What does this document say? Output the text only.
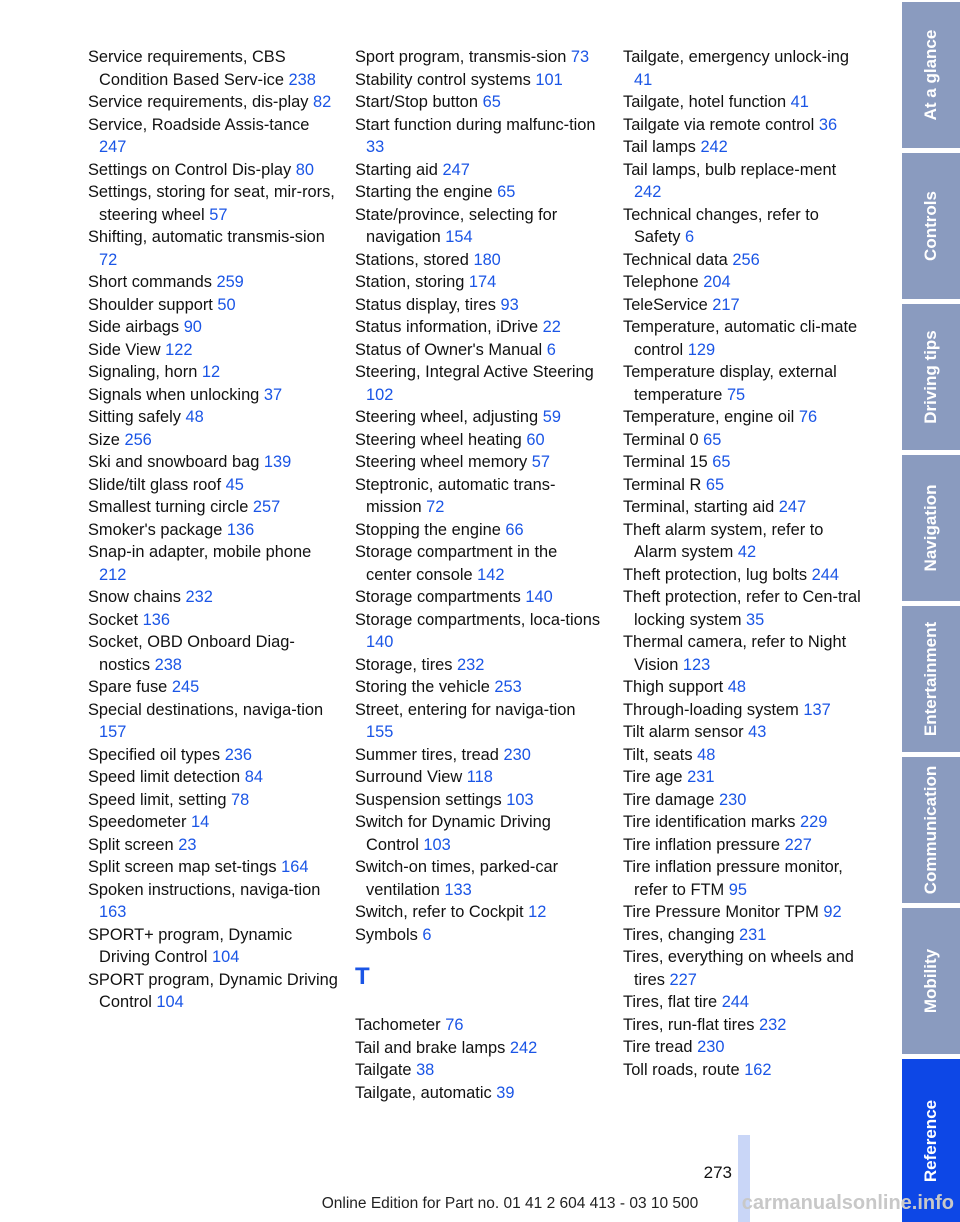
Service requirements, CBS Condition Based Serv-ice 238
Service requirements, dis-play 82
Service, Roadside Assis-tance 247
Settings on Control Dis-play 80
Settings, storing for seat, mir-rors, steering wheel 57
Shifting, automatic transmis-sion 72
Short commands 259
Shoulder support 50
Side airbags 90
Side View 122
Signaling, horn 12
Signals when unlocking 37
Sitting safely 48
Size 256
Ski and snowboard bag 139
Slide/tilt glass roof 45
Smallest turning circle 257
Smoker's package 136
Snap-in adapter, mobile phone 212
Snow chains 232
Socket 136
Socket, OBD Onboard Diag-nostics 238
Spare fuse 245
Special destinations, naviga-tion 157
Specified oil types 236
Speed limit detection 84
Speed limit, setting 78
Speedometer 14
Split screen 23
Split screen map set-tings 164
Spoken instructions, naviga-tion 163
SPORT+ program, Dynamic Driving Control 104
SPORT program, Dynamic Driving Control 104
Sport program, transmis-sion 73
Stability control systems 101
Start/Stop button 65
Start function during malfunc-tion 33
Starting aid 247
Starting the engine 65
State/province, selecting for navigation 154
Stations, stored 180
Station, storing 174
Status display, tires 93
Status information, iDrive 22
Status of Owner's Manual 6
Steering, Integral Active Steering 102
Steering wheel, adjusting 59
Steering wheel heating 60
Steering wheel memory 57
Steptronic, automatic trans-mission 72
Stopping the engine 66
Storage compartment in the center console 142
Storage compartments 140
Storage compartments, loca-tions 140
Storage, tires 232
Storing the vehicle 253
Street, entering for naviga-tion 155
Summer tires, tread 230
Surround View 118
Suspension settings 103
Switch for Dynamic Driving Control 103
Switch-on times, parked-car ventilation 133
Switch, refer to Cockpit 12
Symbols 6
T
Tachometer 76
Tail and brake lamps 242
Tailgate 38
Tailgate, automatic 39
Tailgate, emergency unlock-ing 41
Tailgate, hotel function 41
Tailgate via remote control 36
Tail lamps 242
Tail lamps, bulb replace-ment 242
Technical changes, refer to Safety 6
Technical data 256
Telephone 204
TeleService 217
Temperature, automatic cli-mate control 129
Temperature display, external temperature 75
Temperature, engine oil 76
Terminal 0 65
Terminal 15 65
Terminal R 65
Terminal, starting aid 247
Theft alarm system, refer to Alarm system 42
Theft protection, lug bolts 244
Theft protection, refer to Cen-tral locking system 35
Thermal camera, refer to Night Vision 123
Thigh support 48
Through-loading system 137
Tilt alarm sensor 43
Tilt, seats 48
Tire age 231
Tire damage 230
Tire identification marks 229
Tire inflation pressure 227
Tire inflation pressure monitor, refer to FTM 95
Tire Pressure Monitor TPM 92
Tires, changing 231
Tires, everything on wheels and tires 227
Tires, flat tire 244
Tires, run-flat tires 232
Tire tread 230
Toll roads, route 162
At a glance
Controls
Driving tips
Navigation
Entertainment
Communication
Mobility
Reference
273
Online Edition for Part no. 01 41 2 604 413 - 03 10 500	carmanualsonline.info
